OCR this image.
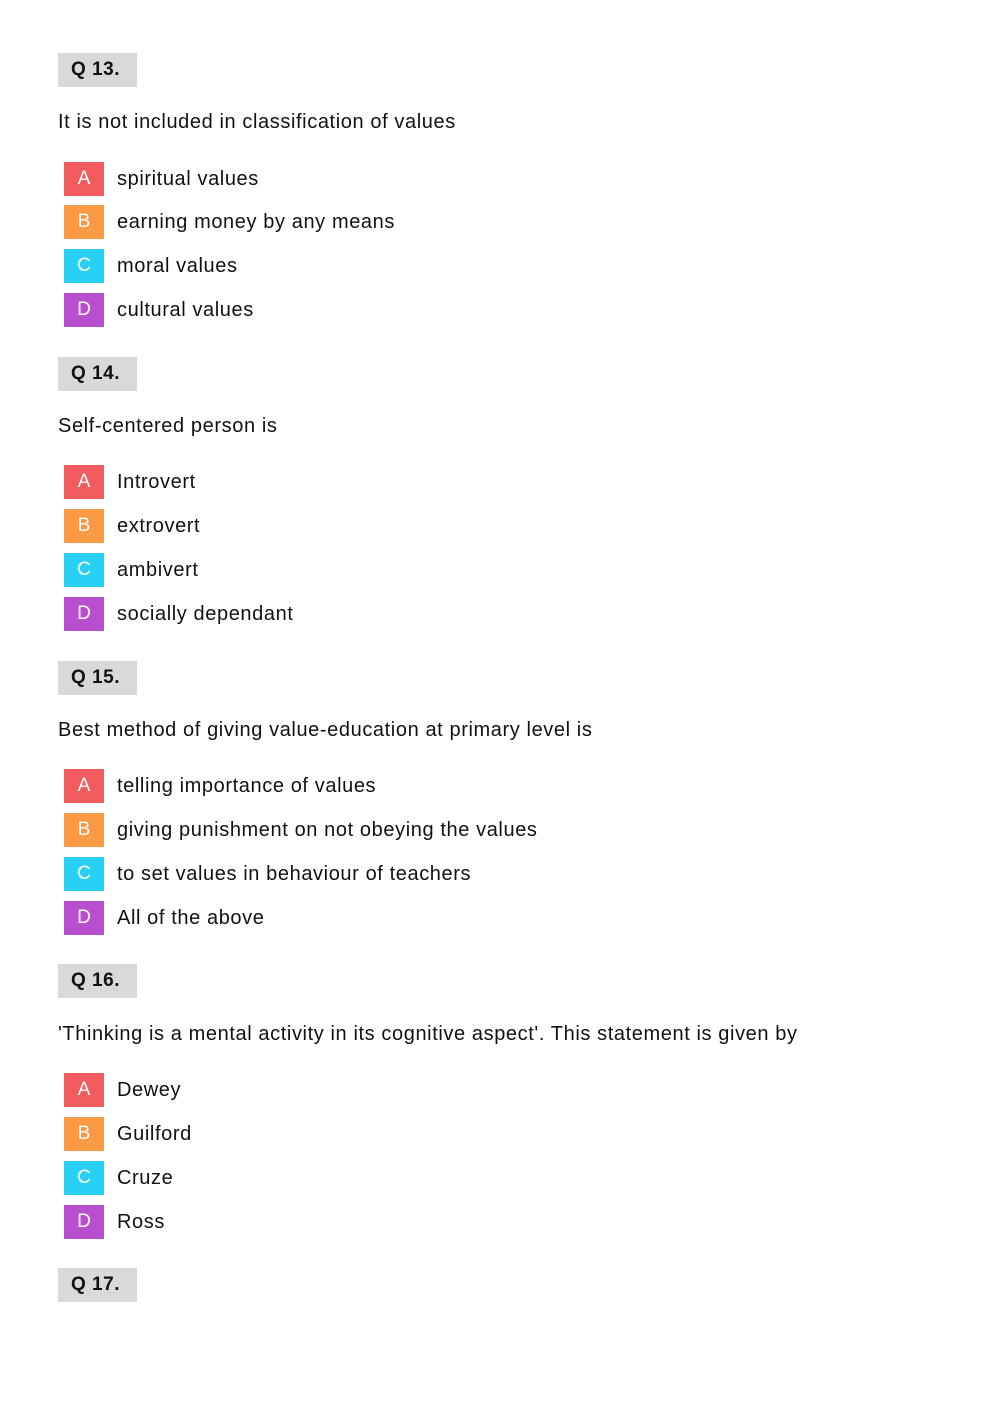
Q 13.
It is not included in classification of values
A	spiritual values
B	earning money by any means
C	moral values
D	cultural values
Q 14.
Self-centered person is
A	Introvert
B	extrovert
C	ambivert
D	socially dependant
Q 15.
Best method of giving value-education at primary level is
A	telling importance of values
B	giving punishment on not obeying the values
C	to set values in behaviour of teachers
D	All of the above
Q 16.
'Thinking is a mental activity in its cognitive aspect'. This statement is given by
A	Dewey
B	Guilford
C	Cruze
D	Ross
Q 17.
